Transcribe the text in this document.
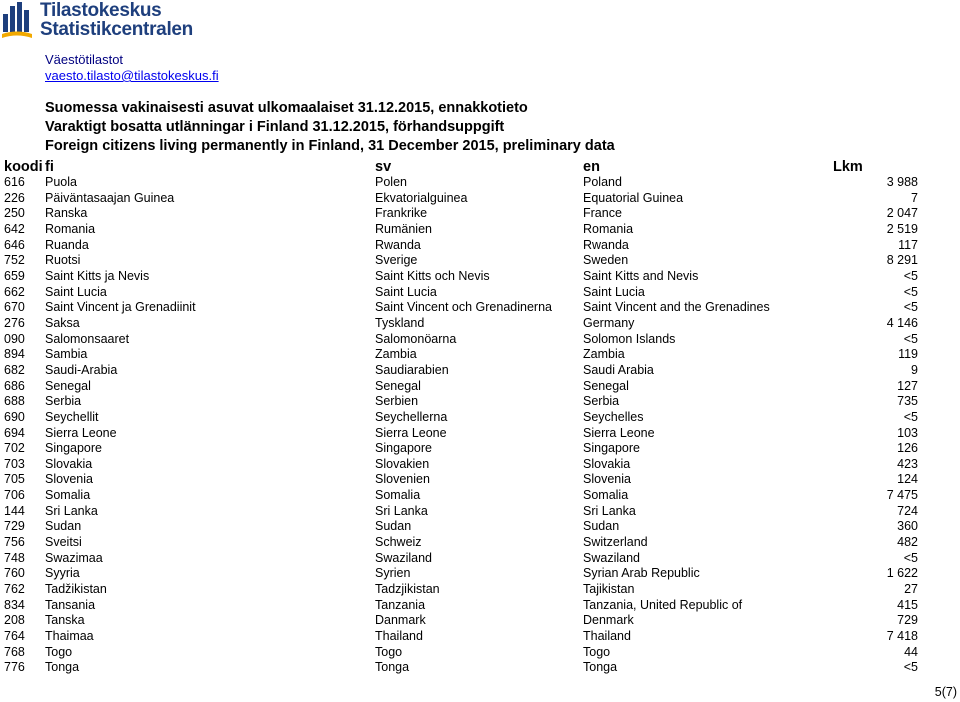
Tilastokeskus
Statistikcentralen
Väestötilastot
vaesto.tilasto@tilastokeskus.fi
Suomessa vakinaisesti asuvat ulkomaalaiset 31.12.2015, ennakkotieto
Varaktigt bosatta utlänningar i Finland 31.12.2015, förhandsuppgift
Foreign citizens living permanently in Finland, 31 December 2015, preliminary data
koodi	fi	sv	en	Lkm
616	Puola	Polen	Poland	3 988
226	Päiväntasaajan Guinea	Ekvatorialguinea	Equatorial Guinea	7
250	Ranska	Frankrike	France	2 047
642	Romania	Rumänien	Romania	2 519
646	Ruanda	Rwanda	Rwanda	117
752	Ruotsi	Sverige	Sweden	8 291
659	Saint Kitts ja Nevis	Saint Kitts och Nevis	Saint Kitts and Nevis	<5
662	Saint Lucia	Saint Lucia	Saint Lucia	<5
670	Saint Vincent ja Grenadiinit	Saint Vincent och Grenadinerna	Saint Vincent and the Grenadines	<5
276	Saksa	Tyskland	Germany	4 146
090	Salomonsaaret	Salomonöarna	Solomon Islands	<5
894	Sambia	Zambia	Zambia	119
682	Saudi-Arabia	Saudiarabien	Saudi Arabia	9
686	Senegal	Senegal	Senegal	127
688	Serbia	Serbien	Serbia	735
690	Seychellit	Seychellerna	Seychelles	<5
694	Sierra Leone	Sierra Leone	Sierra Leone	103
702	Singapore	Singapore	Singapore	126
703	Slovakia	Slovakien	Slovakia	423
705	Slovenia	Slovenien	Slovenia	124
706	Somalia	Somalia	Somalia	7 475
144	Sri Lanka	Sri Lanka	Sri Lanka	724
729	Sudan	Sudan	Sudan	360
756	Sveitsi	Schweiz	Switzerland	482
748	Swazimaa	Swaziland	Swaziland	<5
760	Syyria	Syrien	Syrian Arab Republic	1 622
762	Tadžikistan	Tadzjikistan	Tajikistan	27
834	Tansania	Tanzania	Tanzania, United Republic of	415
208	Tanska	Danmark	Denmark	729
764	Thaimaa	Thailand	Thailand	7 418
768	Togo	Togo	Togo	44
776	Tonga	Tonga	Tonga	<5
5(7)
